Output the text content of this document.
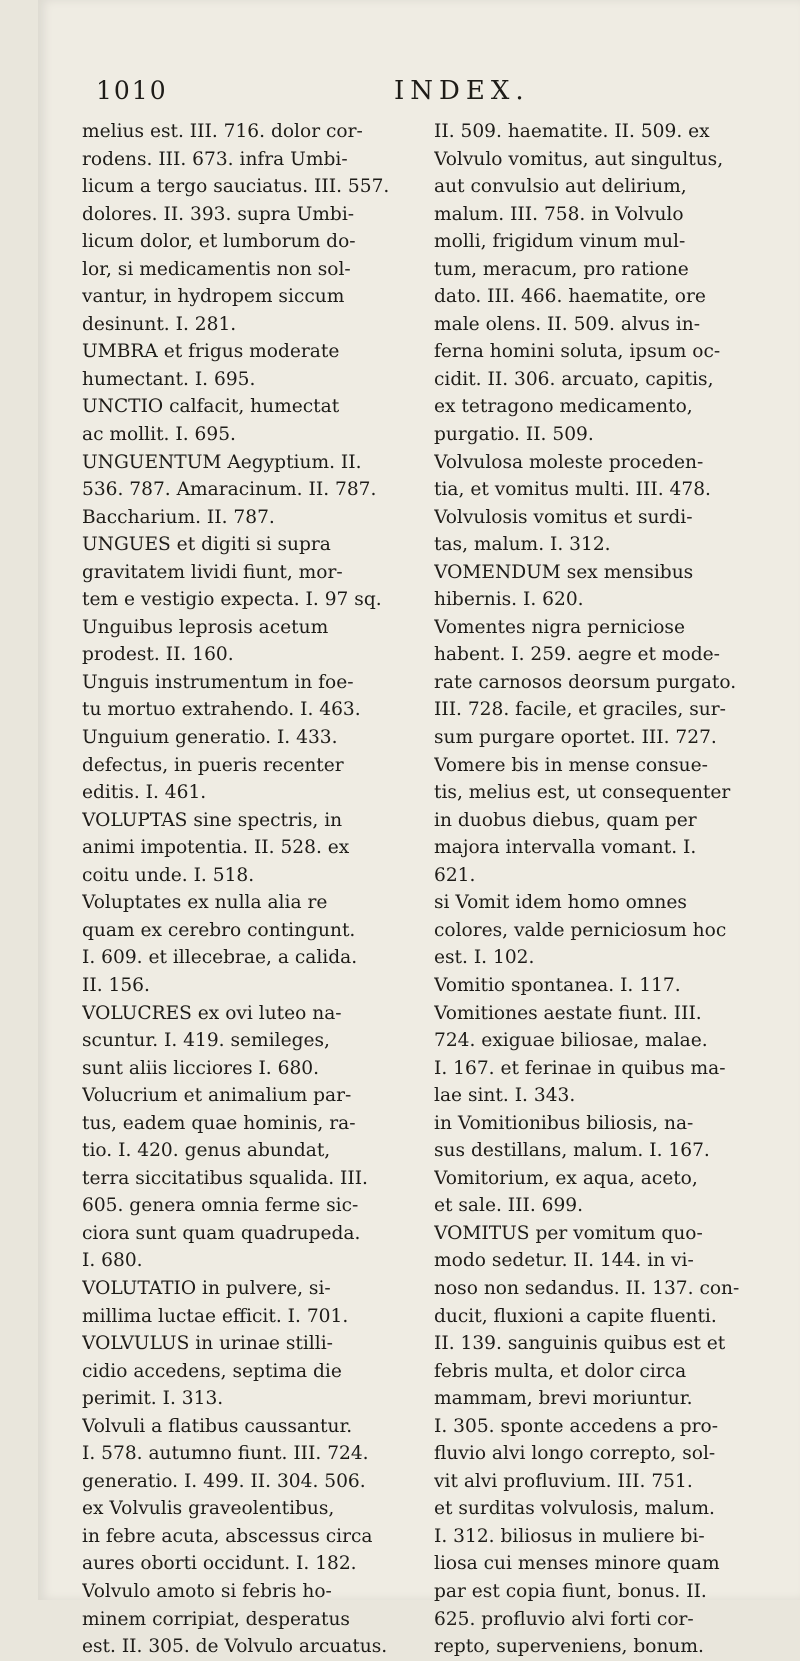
1010	INDEX.
melius est. III. 716. dolor cor-
rodens. III. 673. infra Umbi-
licum a tergo sauciatus. III. 557.
dolores. II. 393. supra Umbi-
licum dolor, et lumborum do-
lor, si medicamentis non sol-
vantur, in hydropem siccum
desinunt. I. 281.
UMBRA et frigus moderate
humectant. I. 695.
UNCTIO calfacit, humectat
ac mollit. I. 695.
UNGUENTUM Aegyptium. II.
536. 787. Amaracinum. II. 787.
Baccharium. II. 787.
UNGUES et digiti si supra
gravitatem lividi fiunt, mor-
tem e vestigio expecta. I. 97 sq.
Unguibus leprosis acetum
prodest. II. 160.
Unguis instrumentum in foe-
tu mortuo extrahendo. I. 463.
Unguium generatio. I. 433.
defectus, in pueris recenter
editis. I. 461.
VOLUPTAS sine spectris, in
animi impotentia. II. 528. ex
coitu unde. I. 518.
Voluptates ex nulla alia re
quam ex cerebro contingunt.
I. 609. et illecebrae, a calida.
II. 156.
VOLUCRES ex ovi luteo na-
scuntur. I. 419. semileges,
sunt aliis licciores I. 680.
Volucrium et animalium par-
tus, eadem quae hominis, ra-
tio. I. 420. genus abundat,
terra siccitatibus squalida. III.
605. genera omnia ferme sic-
ciora sunt quam quadrupeda.
I. 680.
VOLUTATIO in pulvere, si-
millima luctae efficit. I. 701.
VOLVULUS in urinae stilli-
cidio accedens, septima die
perimit. I. 313.
Volvuli a flatibus caussantur.
I. 578. autumno fiunt. III. 724.
generatio. I. 499. II. 304. 506.
ex Volvulis graveolentibus,
in febre acuta, abscessus circa
aures oborti occidunt. I. 182.
Volvulo amoto si febris ho-
minem corripiat, desperatus
est. II. 305. de Volvulo arcuatus.
II. 509. haematite. II. 509. ex
Volvulo vomitus, aut singultus,
aut convulsio aut delirium,
malum. III. 758. in Volvulo
molli, frigidum vinum mul-
tum, meracum, pro ratione
dato. III. 466. haematite, ore
male olens. II. 509. alvus in-
ferna homini soluta, ipsum oc-
cidit. II. 306. arcuato, capitis,
ex tetragono medicamento,
purgatio. II. 509.
Volvulosa moleste proceden-
tia, et vomitus multi. III. 478.
Volvulosis vomitus et surdi-
tas, malum. I. 312.
VOMENDUM sex mensibus
hibernis. I. 620.
Vomentes nigra perniciose
habent. I. 259. aegre et mode-
rate carnosos deorsum purgato.
III. 728. facile, et graciles, sur-
sum purgare oportet. III. 727.
Vomere bis in mense consue-
tis, melius est, ut consequenter
in duobus diebus, quam per
majora intervalla vomant. I.
621.
si Vomit idem homo omnes
colores, valde perniciosum hoc
est. I. 102.
Vomitio spontanea. I. 117.
Vomitiones aestate fiunt. III.
724. exiguae biliosae, malae.
I. 167. et ferinae in quibus ma-
lae sint. I. 343.
in Vomitionibus biliosis, na-
sus destillans, malum. I. 167.
Vomitorium, ex aqua, aceto,
et sale. III. 699.
VOMITUS per vomitum quo-
modo sedetur. II. 144. in vi-
noso non sedandus. II. 137. con-
ducit, fluxioni a capite fluenti.
II. 139. sanguinis quibus est et
febris multa, et dolor circa
mammam, brevi moriuntur.
I. 305. sponte accedens a pro-
fluvio alvi longo correpto, sol-
vit alvi profluvium. III. 751.
et surditas volvulosis, malum.
I. 312. biliosus in muliere bi-
liosa cui menses minore quam
par est copia fiunt, bonus. II.
625. profluvio alvi forti cor-
repto, superveniens, bonum.
